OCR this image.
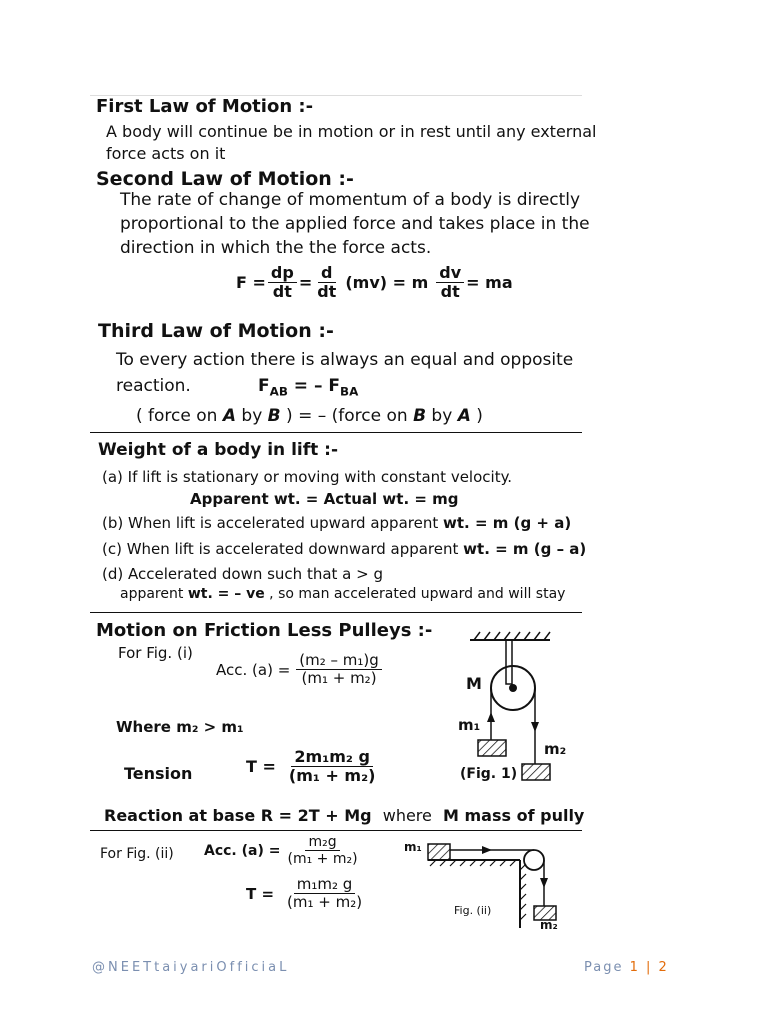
First Law of Motion :-
A body will continue be in motion or in rest until any external
force acts on it
Second Law of Motion :-
The rate of change of momentum of a body is directly
proportional to the applied force and takes place in the
direction in which the the force acts.
$F = \frac{dp}{dt} = \frac{d}{dt} (mv) = m \frac{dv}{dt}$ = ma
Third Law of Motion :-
To every action there is always an equal and opposite
reaction.	$F_{AB}$ = – $F_{BA}$
( force on A by B ) = – (force on B by A )
Weight of a body in lift :-
(a) If lift is stationary or moving with constant velocity.
Apparent wt. = Actual wt. = mg
(b) When lift is accelerated upward apparent wt. = m (g + a)
(c) When lift is accelerated downward apparent wt. = m (g – a)
(d) Accelerated down such that a > g
apparent wt. = – ve , so man accelerated upward and will stay
Motion on Friction Less Pulleys :-
For Fig. (i)
Acc. $(a) = \frac{\text{(m₂ – m₁)g}}{\text{(m₁ + m₂)}}$
Where m₂ > m₁
Tension	$T = \frac{\text{2m₁m₂ g}}{\text{(m₁ + m₂)}}$
Reaction at base R = 2T + Mg where M mass of pully
For Fig. (ii) Acc. $(a) = \frac{\text{m₂g}}{\text{(m₁ + m₂)}}$
$T = \frac{\text{m₁m₂ g}}{\text{(m₁ + m₂)}}$
M
m₁
m₂
(Fig. 1)
m₁
m₂
Fig. (ii)
@NEETtaiyariOfficiaL	Page 1 | 2
